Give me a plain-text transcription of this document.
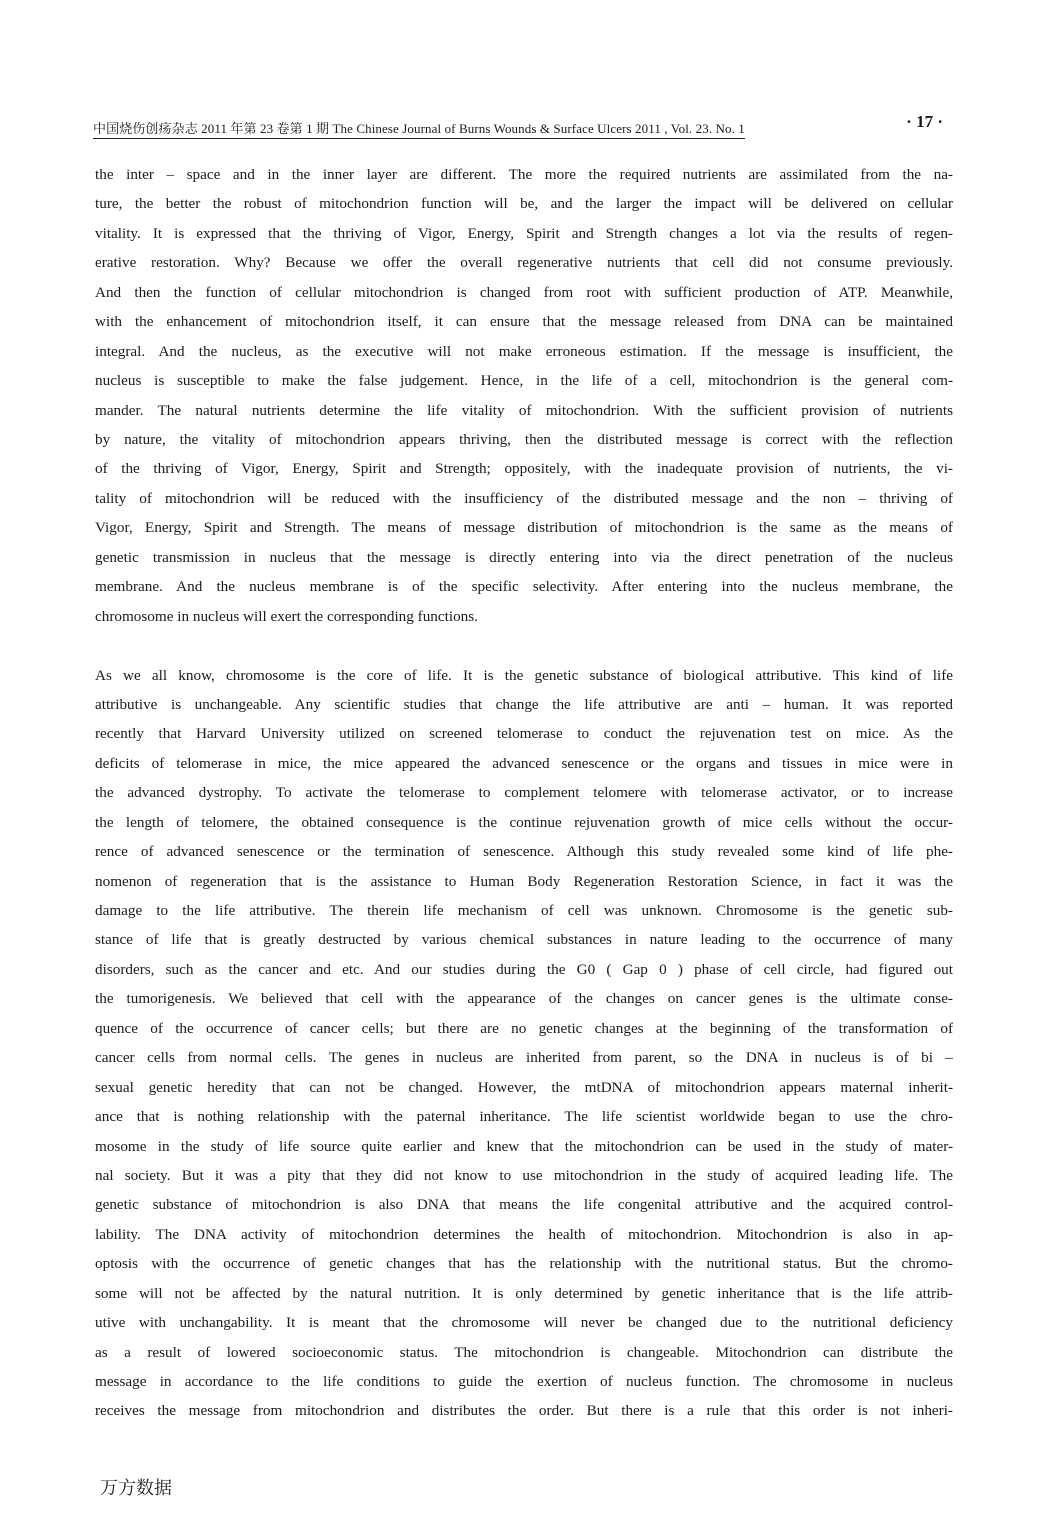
中国烧伤创疡杂志 2011 年第 23 卷第 1 期 The Chinese Journal of Burns Wounds & Surface Ulcers 2011 , Vol. 23. No. 1	· 17 ·
the inter – space and in the inner layer are different. The more the required nutrients are assimilated from the na-
ture, the better the robust of mitochondrion function will be, and the larger the impact will be delivered on cellular
vitality. It is expressed that the thriving of Vigor, Energy, Spirit and Strength changes a lot via the results of regen-
erative restoration. Why? Because we offer the overall regenerative nutrients that cell did not consume previously.
And then the function of cellular mitochondrion is changed from root with sufficient production of ATP. Meanwhile,
with the enhancement of mitochondrion itself, it can ensure that the message released from DNA can be maintained
integral. And the nucleus, as the executive will not make erroneous estimation. If the message is insufficient, the
nucleus is susceptible to make the false judgement. Hence, in the life of a cell, mitochondrion is the general com-
mander. The natural nutrients determine the life vitality of mitochondrion. With the sufficient provision of nutrients
by nature, the vitality of mitochondrion appears thriving, then the distributed message is correct with the reflection
of the thriving of Vigor, Energy, Spirit and Strength; oppositely, with the inadequate provision of nutrients, the vi-
tality of mitochondrion will be reduced with the insufficiency of the distributed message and the non – thriving of
Vigor, Energy, Spirit and Strength. The means of message distribution of mitochondrion is the same as the means of
genetic transmission in nucleus that the message is directly entering into via the direct penetration of the nucleus
membrane. And the nucleus membrane is of the specific selectivity. After entering into the nucleus membrane, the
chromosome in nucleus will exert the corresponding functions.
As we all know, chromosome is the core of life. It is the genetic substance of biological attributive. This kind of life
attributive is unchangeable. Any scientific studies that change the life attributive are anti – human. It was reported
recently that Harvard University utilized on screened telomerase to conduct the rejuvenation test on mice. As the
deficits of telomerase in mice, the mice appeared the advanced senescence or the organs and tissues in mice were in
the advanced dystrophy. To activate the telomerase to complement telomere with telomerase activator, or to increase
the length of telomere, the obtained consequence is the continue rejuvenation growth of mice cells without the occur-
rence of advanced senescence or the termination of senescence. Although this study revealed some kind of life phe-
nomenon of regeneration that is the assistance to Human Body Regeneration Restoration Science, in fact it was the
damage to the life attributive. The therein life mechanism of cell was unknown. Chromosome is the genetic sub-
stance of life that is greatly destructed by various chemical substances in nature leading to the occurrence of many
disorders, such as the cancer and etc. And our studies during the G0 ( Gap 0 ) phase of cell circle, had figured out
the tumorigenesis. We believed that cell with the appearance of the changes on cancer genes is the ultimate conse-
quence of the occurrence of cancer cells; but there are no genetic changes at the beginning of the transformation of
cancer cells from normal cells. The genes in nucleus are inherited from parent, so the DNA in nucleus is of bi –
sexual genetic heredity that can not be changed. However, the mtDNA of mitochondrion appears maternal inherit-
ance that is nothing relationship with the paternal inheritance. The life scientist worldwide began to use the chro-
mosome in the study of life source quite earlier and knew that the mitochondrion can be used in the study of mater-
nal society. But it was a pity that they did not know to use mitochondrion in the study of acquired leading life. The
genetic substance of mitochondrion is also DNA that means the life congenital attributive and the acquired control-
lability. The DNA activity of mitochondrion determines the health of mitochondrion. Mitochondrion is also in ap-
optosis with the occurrence of genetic changes that has the relationship with the nutritional status. But the chromo-
some will not be affected by the natural nutrition. It is only determined by genetic inheritance that is the life attrib-
utive with unchangability. It is meant that the chromosome will never be changed due to the nutritional deficiency
as a result of lowered socioeconomic status. The mitochondrion is changeable. Mitochondrion can distribute the
message in accordance to the life conditions to guide the exertion of nucleus function. The chromosome in nucleus
receives the message from mitochondrion and distributes the order. But there is a rule that this order is not inheri-
万方数据
